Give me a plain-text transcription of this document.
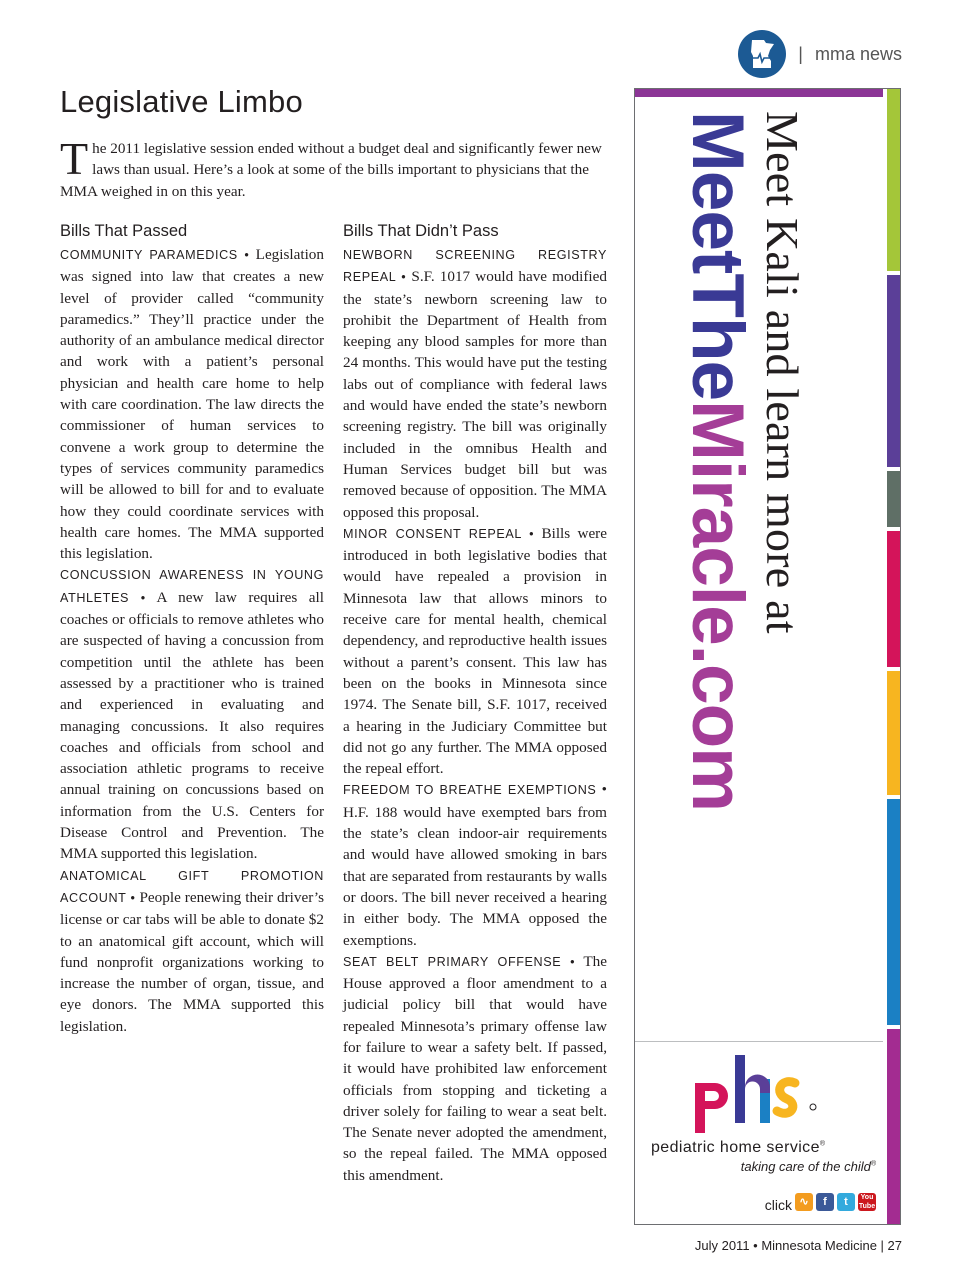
| mma news
Legislative Limbo
The 2011 legislative session ended without a budget deal and significantly fewer new laws than usual. Here’s a look at some of the bills important to physicians that the MMA weighed in on this year.
Bills That Passed

COMMUNITY PARAMEDICS • Legislation was signed into law that creates a new level of provider called “community paramedics.” They’ll practice under the authority of an ambulance medical director and work with a patient’s personal physician and health care home to help with care coordination. The law directs the commissioner of human services to convene a work group to determine the types of services community paramedics will be allowed to bill for and to evaluate how they could coordinate services with health care homes. The MMA supported this legislation.

CONCUSSION AWARENESS IN YOUNG ATHLETES • A new law requires all coaches or officials to remove athletes who are suspected of having a concussion from competition until the athlete has been assessed by a practitioner who is trained and experienced in evaluating and managing concussions. It also requires coaches and officials from school and association athletic programs to receive annual training on concussions based on information from the U.S. Centers for Disease Control and Prevention. The MMA supported this legislation.

ANATOMICAL GIFT PROMOTION ACCOUNT • People renewing their driver’s license or car tabs will be able to donate $2 to an anatomical gift account, which will fund nonprofit organizations working to increase the number of organ, tissue, and eye donors. The MMA supported this legislation.

Bills That Didn’t Pass

NEWBORN SCREENING REGISTRY REPEAL • S.F. 1017 would have modified the state’s newborn screening law to prohibit the Department of Health from keeping any blood samples for more than 24 months. This would have put the testing labs out of compliance with federal laws and would have ended the state’s newborn screening registry. The bill was originally included in the omnibus Health and Human Services budget bill but was removed because of opposition. The MMA opposed this proposal.

MINOR CONSENT REPEAL • Bills were introduced in both legislative bodies that would have repealed a provision in Minnesota law that allows minors to receive care for mental health, chemical dependency, and reproductive health issues without a parent’s consent. This law has been on the books in Minnesota since 1974. The Senate bill, S.F. 1017, received a hearing in the Judiciary Committee but did not go any further. The MMA opposed the repeal effort.

FREEDOM TO BREATHE EXEMPTIONS • H.F. 188 would have exempted bars from the state’s clean indoor-air requirements and would have allowed smoking in bars that are separated from restaurants by walls or doors. The bill never received a hearing in either body. The MMA opposed the exemptions.

SEAT BELT PRIMARY OFFENSE • The House approved a floor amendment to a judicial policy bill that would have repealed Minnesota’s primary offense law for failure to wear a safety belt. If passed, it would have prohibited law enforcement officials from stopping and ticketing a driver solely for failing to wear a seat belt. The Senate never adopted the amendment, so the repeal failed. The MMA opposed this amendment.

Meet Kali and learn more at
MeetTheMiracle.com
pediatric home service®
taking care of the child®
click ∿	f	t	You
Tube
July 2011 • Minnesota Medicine | 27
